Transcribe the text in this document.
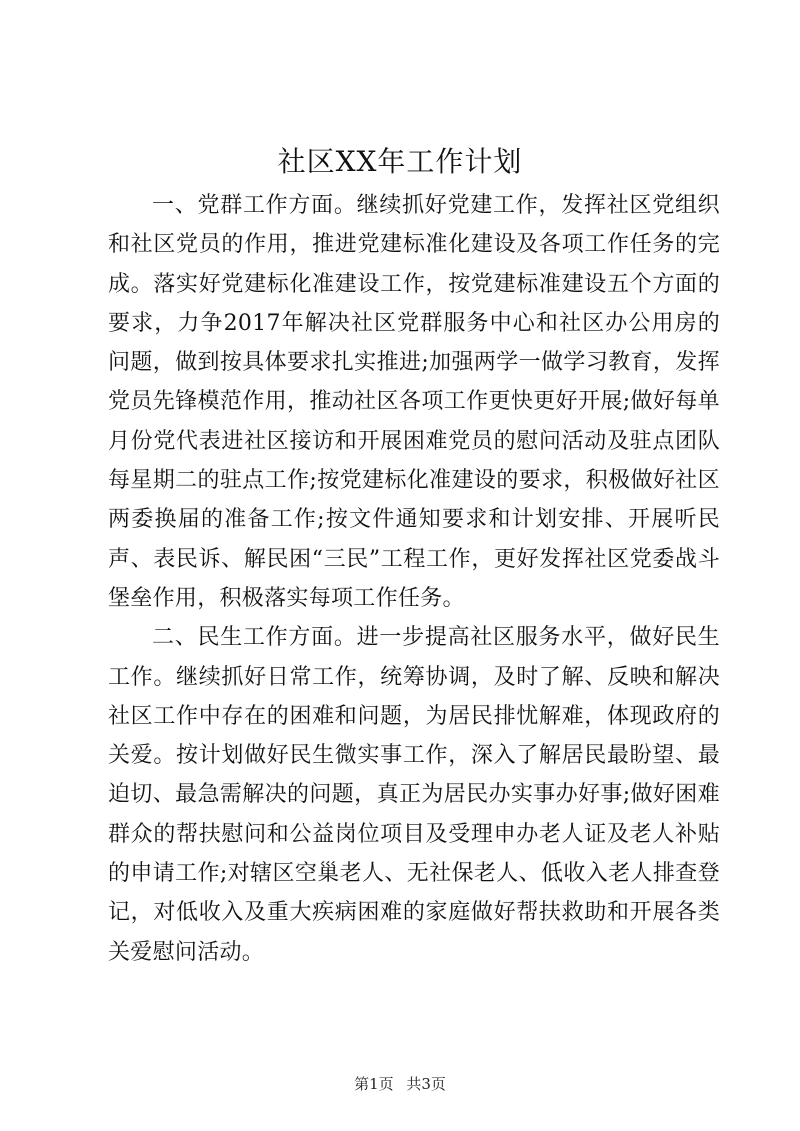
社区XX年工作计划

一、党群工作方面。继续抓好党建工作，发挥社区党组织和社区党员的作用，推进党建标准化建设及各项工作任务的完成。落实好党建标化准建设工作，按党建标准建设五个方面的要求，力争2017年解决社区党群服务中心和社区办公用房的问题，做到按具体要求扎实推进;加强两学一做学习教育，发挥党员先锋模范作用，推动社区各项工作更快更好开展;做好每单月份党代表进社区接访和开展困难党员的慰问活动及驻点团队每星期二的驻点工作;按党建标化准建设的要求，积极做好社区两委换届的准备工作;按文件通知要求和计划安排、开展听民声、表民诉、解民困“三民”工程工作，更好发挥社区党委战斗堡垒作用，积极落实每项工作任务。

二、民生工作方面。进一步提高社区服务水平，做好民生工作。继续抓好日常工作，统筹协调，及时了解、反映和解决社区工作中存在的困难和问题，为居民排忧解难，体现政府的关爱。按计划做好民生微实事工作，深入了解居民最盼望、最迫切、最急需解决的问题，真正为居民办实事办好事;做好困难群众的帮扶慰问和公益岗位项目及受理申办老人证及老人补贴的申请工作;对辖区空巢老人、无社保老人、低收入老人排查登记，对低收入及重大疾病困难的家庭做好帮扶救助和开展各类关爱慰问活动。

第1页 共3页
